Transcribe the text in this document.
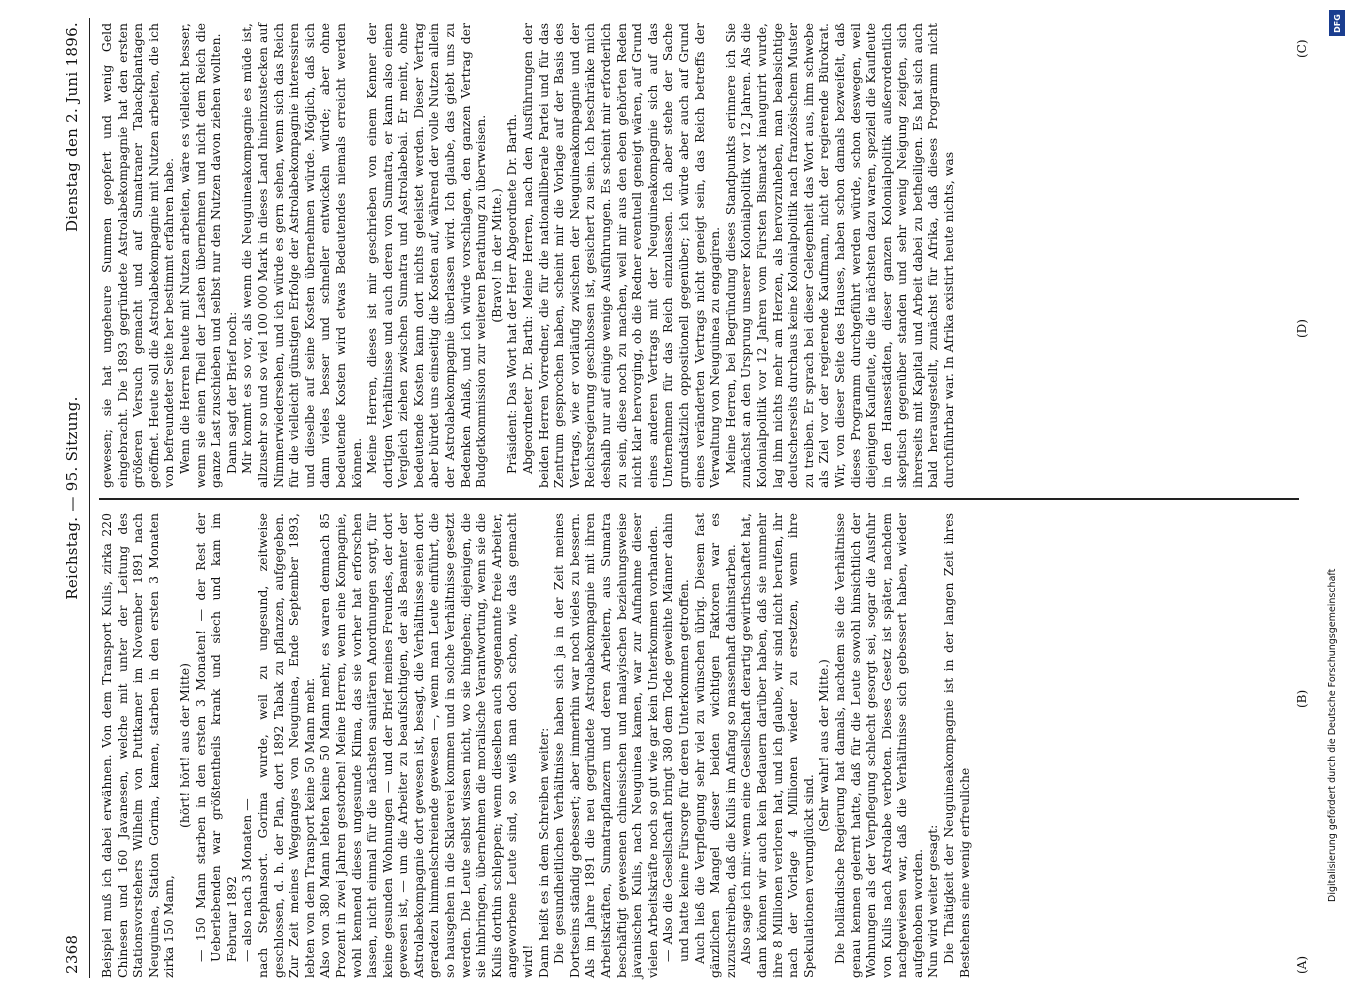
2368
Reichstag. — 95. Sitzung.
Dienstag den 2. Juni 1896.

Beispiel muß ich dabei erwähnen. Von dem Transport Kulis, zirka 220 Chinesen und 160 Javanesen, welche mit unter der Leitung des Stationsvorstehers Wilhelm von Puttkamer im November 1891 nach Neuguinea, Station Gorima, kamen, starben in den ersten 3 Monaten zirka 150 Mann,

(hört! hört! aus der Mitte) — 150 Mann starben in den ersten 3 Monaten! — der Rest der Ueberlebenden war größtentheils krank und siech und kam im Februar 1892 — also nach 3 Monaten — nach Stephansort. Gorima wurde, weil zu ungesund, zeitweise geschlossen, d. h. der Plan, dort 1892 Tabak zu pflanzen, aufgegeben. Zur Zeit meines Wegganges von Neuguinea, Ende September 1893, lebten von dem Transport keine 50 Mann mehr. Also von 380 Mann lebten keine 50 Mann mehr, es waren demnach 85 Prozent in zwei Jahren gestorben! Meine Herren, wenn eine Kompagnie, wohl kennend dieses ungesunde Klima, das sie vorher hat erforschen lassen, nicht einmal für die nächsten sanitären Anordnungen sorgt, für keine gesunden Wohnungen — und der Brief meines Freundes, der dort gewesen ist, — um die Arbeiter zu beaufsichtigen, der als Beamter der Astrolabekompagnie dort gewesen ist, besagt, die Verhältnisse seien dort geradezu himmelschreiende gewesen —, wenn man Leute einführt, die so hausgehen in die Sklaverei kommen und in solche Verhältnisse gesetzt werden. Die Leute selbst wissen nicht, wo sie hingehen; diejenigen, die sie hinbringen, übernehmen die moralische Verantwortung, wenn sie die Kulis dorthin schleppen; wenn dieselben auch sogenannte freie Arbeiter, angeworbene Leute sind, so weiß man doch schon, wie das gemacht wird! Dann heißt es in dem Schreiben weiter: Die gesundheitlichen Verhältnisse haben sich ja in der Zeit meines Dortseins ständig gebessert; aber immerhin war noch vieles zu bessern. Als im Jahre 1891 die neu gegründete Astrolabekompagnie mit ihren Arbeitskräften, Sumatrapflanzern und deren Arbeitern, aus Sumatra beschäftigt gewesenen chinesischen und malayischen beziehungsweise javanischen Kulis, nach Neuguinea kamen, war zur Aufnahme dieser vielen Arbeitskräfte noch so gut wie gar kein Unterkommen vorhanden. — Also die Gesellschaft bringt 380 dem Tode geweihte Männer dahin und hatte keine Fürsorge für deren Unterkommen getroffen. Auch ließ die Verpflegung sehr viel zu wünschen übrig. Diesem fast gänzlichen Mangel dieser beiden wichtigen Faktoren war es zuzuschreiben, daß die Kulis im Anfang so massenhaft dahinstarben. Also sage ich mir: wenn eine Gesellschaft derartig gewirthschaftet hat, dann können wir auch kein Bedauern darüber haben, daß sie nunmehr ihre 8 Millionen verloren hat, und ich glaube, wir sind nicht berufen, ihr nach der Vorlage 4 Millionen wieder zu ersetzen, wenn ihre Spekulationen verunglückt sind.

(Sehr wahr! aus der Mitte.) Die holländische Regierung hat damals, nachdem sie die Verhältnisse genau kennen gelernt hatte, daß für die Leute sowohl hinsichtlich der Wohnungen als der Verpflegung schlecht gesorgt sei, sogar die Ausfuhr von Kulis nach Astrolabe verboten. Dieses Gesetz ist später, nachdem nachgewiesen war, daß die Verhältnisse sich gebessert haben, wieder aufgehoben worden. Nun wird weiter gesagt: Die Thätigkeit der Neuguineakompagnie ist in der langen Zeit ihres Bestehens eine wenig erfreuliche

gewesen; sie hat ungeheure Summen geopfert und wenig Geld eingebracht. Die 1893 gegründete Astrolabekompagnie hat den ersten größeren Versuch gemacht und auf Sumatraner Tabackplantagen geöffnet. Heute soll die Astrolabekompagnie mit Nutzen arbeiten, die ich von befreundeter Seite her bestimmt erfahren habe. Wenn die Herren heute mit Nutzen arbeiten, wäre es vielleicht besser, wenn sie einen Theil der Lasten übernehmen und nicht dem Reich die ganze Last zuschieben und selbst nur den Nutzen davon ziehen wollten. Dann sagt der Brief noch: Mir kommt es so vor, als wenn die Neuguineakompagnie es müde ist, allzusehr so und so viel 100 000 Mark in dieses Land hineinzustecken auf Nimmerwiedersehen, und ich würde es gern sehen, wenn sich das Reich für die vielleicht günstigen Erfolge der Astrolabekompagnie interessiren und dieselbe auf seine Kosten übernehmen würde. Möglich, daß sich dann vieles besser und schneller entwickeln würde; aber ohne bedeutende Kosten wird etwas Bedeutendes niemals erreicht werden können. Meine Herren, dieses ist mir geschrieben von einem Kenner der dortigen Verhältnisse und auch deren von Sumatra, er kann also einen Vergleich ziehen zwischen Sumatra und Astrolabebai. Er meint, ohne bedeutende Kosten kann dort nichts geleistet werden. Dieser Vertrag aber bürdet uns einseitig die Kosten auf, während der volle Nutzen allein der Astrolabekompagnie überlassen wird. Ich glaube, das giebt uns zu Bedenken Anlaß, und ich würde vorschlagen, den ganzen Vertrag der Budgetkommission zur weiteren Berathung zu überweisen. (Bravo! in der Mitte.) Präsident: Das Wort hat der Herr Abgeordnete Dr. Barth. Abgeordneter Dr. Barth: Meine Herren, nach den Ausführungen der beiden Herren Vorredner, die für die nationalliberale Partei und für das Zentrum gesprochen haben, scheint mir die Vorlage auf der Basis des Vertrags, wie er vorläufig zwischen der Neuguineakompagnie und der Reichsregierung geschlossen ist, gesichert zu sein. Ich beschränke mich deshalb nur auf einige wenige Ausführungen. Es scheint mir erforderlich zu sein, diese noch zu machen, weil mir aus den eben gehörten Reden nicht klar hervorging, ob die Redner eventuell geneigt wären, auf Grund eines anderen Vertrags mit der Neuguineakompagnie sich auf das Unternehmen für das Reich einzulassen. Ich aber stehe der Sache grundsätzlich oppositionell gegenüber; ich würde aber auch auf Grund eines veränderten Vertrags nicht geneigt sein, das Reich betreffs der Verwaltung von Neuguinea zu engagiren. Meine Herren, bei Begründung dieses Standpunkts erinnere ich Sie zunächst an den Ursprung unserer Kolonialpolitik vor 12 Jahren. Als die Kolonialpolitik vor 12 Jahren vom Fürsten Bismarck inaugurirt wurde, lag ihm nichts mehr am Herzen, als hervorzuheben, man beabsichtige deutscherseits durchaus keine Kolonialpolitik nach französischem Muster zu treiben. Er sprach bei dieser Gelegenheit das Wort aus, ihm schwebe als Ziel vor der regierende Kaufmann, nicht der regierende Bürokrat. Wir, von dieser Seite des Hauses, haben schon damals bezweifelt, daß dieses Programm durchgeführt werden würde, schon deswegen, weil diejenigen Kaufleute, die die nächsten dazu waren, speziell die Kaufleute in den Hansestädten, dieser ganzen Kolonialpolitik außerordentlich skeptisch gegenüber standen und sehr wenig Neigung zeigten, sich ihrerseits mit Kapital und Arbeit dabei zu betheiligen. Es hat sich auch bald herausgestellt, zunächst für Afrika, daß dieses Programm nicht durchführbar war. In Afrika existirt heute nichts, was

(A)
(B)
(C)
(D)
Digitalisierung gefördert durch die Deutsche Forschungsgemeinschaft
DFG
